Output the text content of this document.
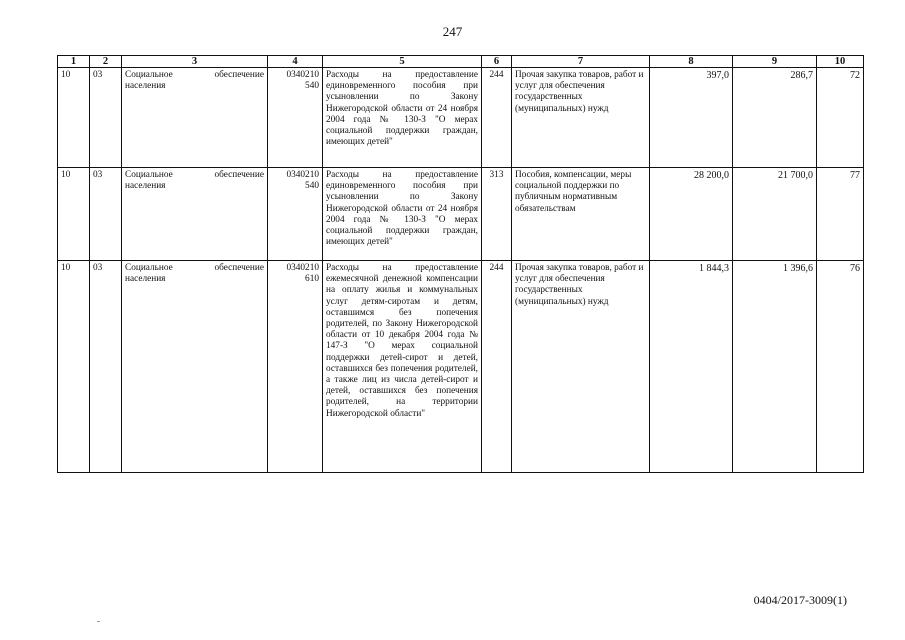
247
1	2	3	4	5	6	7	8	9	10
10	03	Социальное обеспечение населения	0340210 540	Расходы на предоставление единовременного пособия при усыновлении по Закону Нижегородской области от 24 ноября 2004 года № 130-З "О мерах социальной поддержки граждан, имеющих детей"	244	Прочая закупка товаров, работ и услуг для обеспечения государственных (муниципальных) нужд	397,0	286,7	72
10	03	Социальное обеспечение населения	0340210 540	Расходы на предоставление единовременного пособия при усыновлении по Закону Нижегородской области от 24 ноября 2004 года № 130-З "О мерах социальной поддержки граждан, имеющих детей"	313	Пособия, компенсации, меры социальной поддержки по публичным нормативным обязательствам	28 200,0	21 700,0	77
10	03	Социальное обеспечение населения	0340210 610	Расходы на предоставление ежемесячной денежной компенсации на оплату жилья и коммунальных услуг детям-сиротам и детям, оставшимся без попечения родителей, по Закону Нижегородской области от 10 декабря 2004 года № 147-З "О мерах социальной поддержки детей-сирот и детей, оставшихся без попечения родителей, а также лиц из числа детей-сирот и детей, оставшихся без попечения родителей, на территории Нижегородской области"	244	Прочая закупка товаров, работ и услуг для обеспечения государственных (муниципальных) нужд	1 844,3	1 396,6	76
0404/2017-3009(1)
